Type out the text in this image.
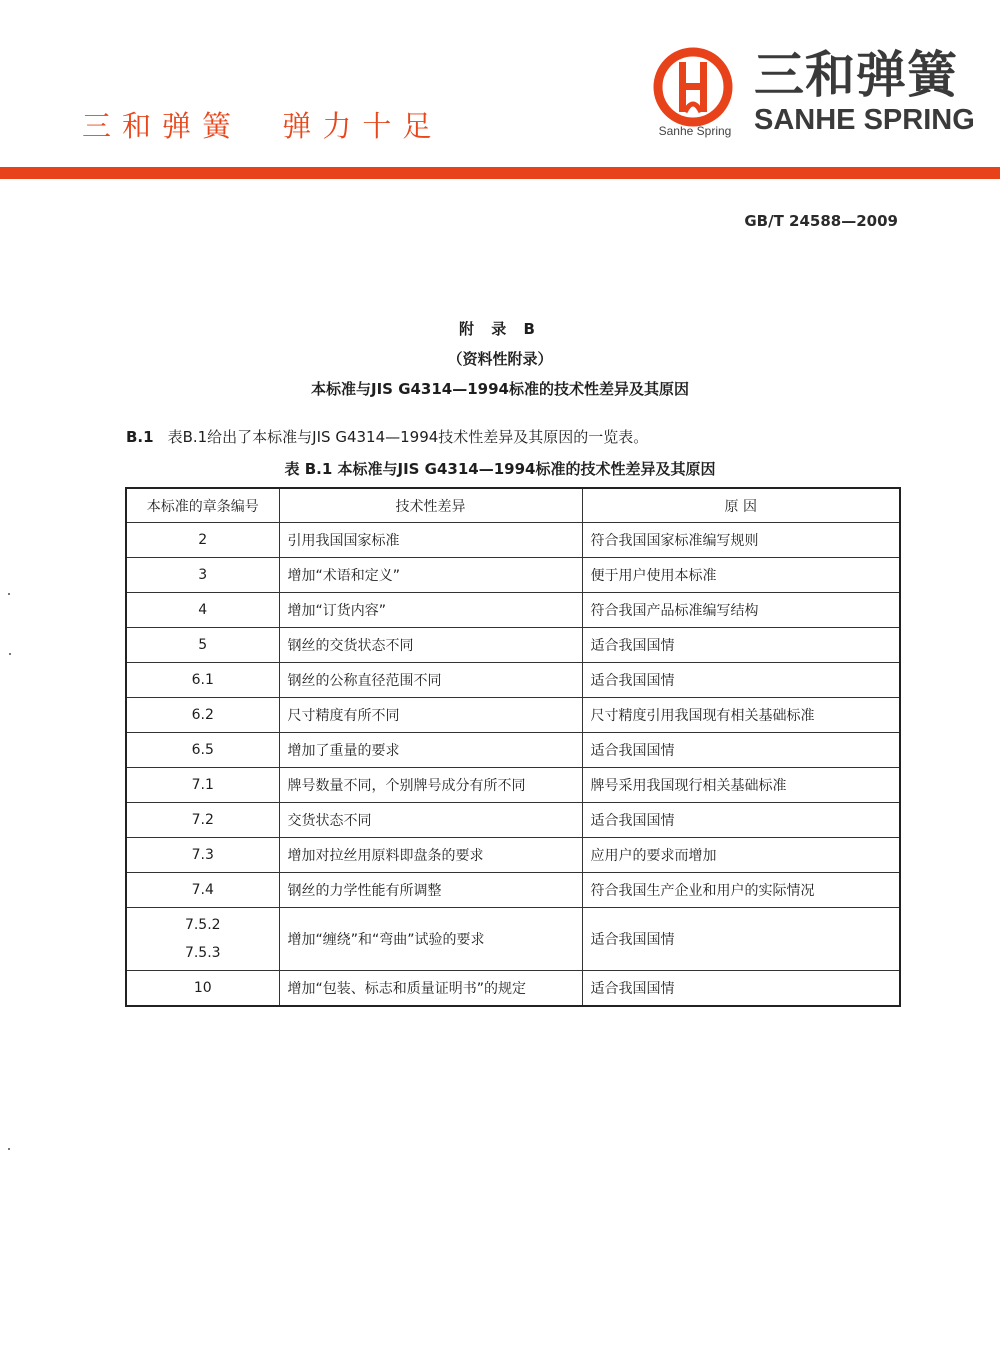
三和弹簧  弹力十足	Sanhe Spring
三和弹簧
SANHE SPRING
GB/T 24588—2009
附 录 B
（资料性附录）
本标准与JIS G4314—1994标准的技术性差异及其原因
B.1 表B.1给出了本标准与JIS G4314—1994技术性差异及其原因的一览表。
表 B.1 本标准与JIS G4314—1994标准的技术性差异及其原因
本标准的章条编号	技术性差异	原 因
2	引用我国国家标准	符合我国国家标准编写规则
3	增加“术语和定义”	便于用户使用本标准
4	增加“订货内容”	符合我国产品标准编写结构
5	钢丝的交货状态不同	适合我国国情
6.1	钢丝的公称直径范围不同	适合我国国情
6.2	尺寸精度有所不同	尺寸精度引用我国现有相关基础标准
6.5	增加了重量的要求	适合我国国情
7.1	牌号数量不同，个别牌号成分有所不同	牌号采用我国现行相关基础标准
7.2	交货状态不同	适合我国国情
7.3	增加对拉丝用原料即盘条的要求	应用户的要求而增加
7.4	钢丝的力学性能有所调整	符合我国生产企业和用户的实际情况

7.5.2
7.5.3	增加“缠绕”和“弯曲”试验的要求	适合我国国情
10	增加“包装、标志和质量证明书”的规定	适合我国国情
